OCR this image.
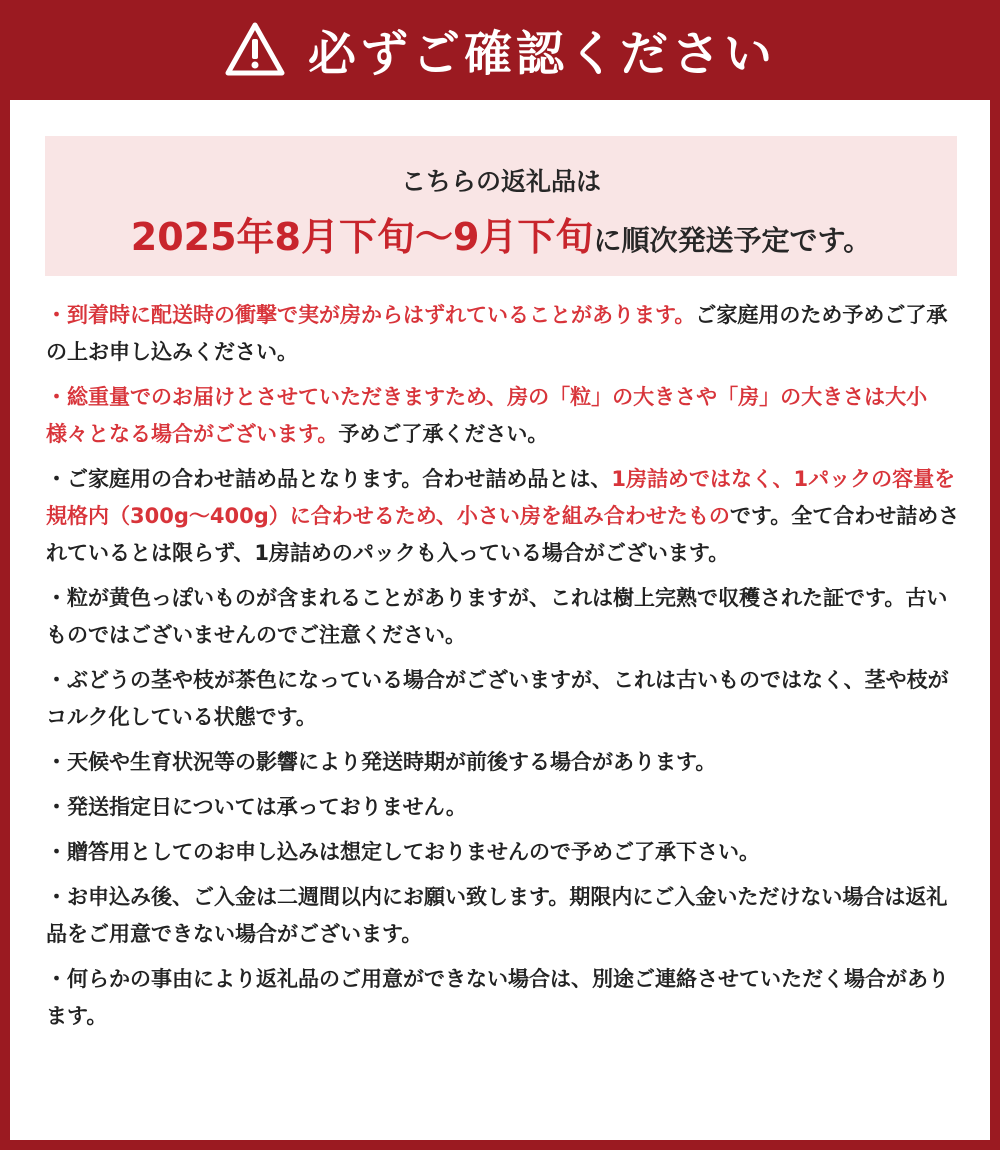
必ずご確認ください
こちらの返礼品は
2025年8月下旬～9月下旬に順次発送予定です。
・到着時に配送時の衝撃で実が房からはずれていることがあります。ご家庭用のため予めご了承の上お申し込みください。
・総重量でのお届けとさせていただきますため、房の「粒」の大きさや「房」の大きさは大小様々となる場合がございます。予めご了承ください。
・ご家庭用の合わせ詰め品となります。合わせ詰め品とは、1房詰めではなく、1パックの容量を規格内（300g～400g）に合わせるため、小さい房を組み合わせたものです。全て合わせ詰めされているとは限らず、1房詰めのパックも入っている場合がございます。
・粒が黄色っぽいものが含まれることがありますが、これは樹上完熟で収穫された証です。古いものではございませんのでご注意ください。
・ぶどうの茎や枝が茶色になっている場合がございますが、これは古いものではなく、茎や枝がコルク化している状態です。
・天候や生育状況等の影響により発送時期が前後する場合があります。
・発送指定日については承っておりません。
・贈答用としてのお申し込みは想定しておりませんので予めご了承下さい。
・お申込み後、ご入金は二週間以内にお願い致します。期限内にご入金いただけない場合は返礼品をご用意できない場合がございます。
・何らかの事由により返礼品のご用意ができない場合は、別途ご連絡させていただく場合があります。
